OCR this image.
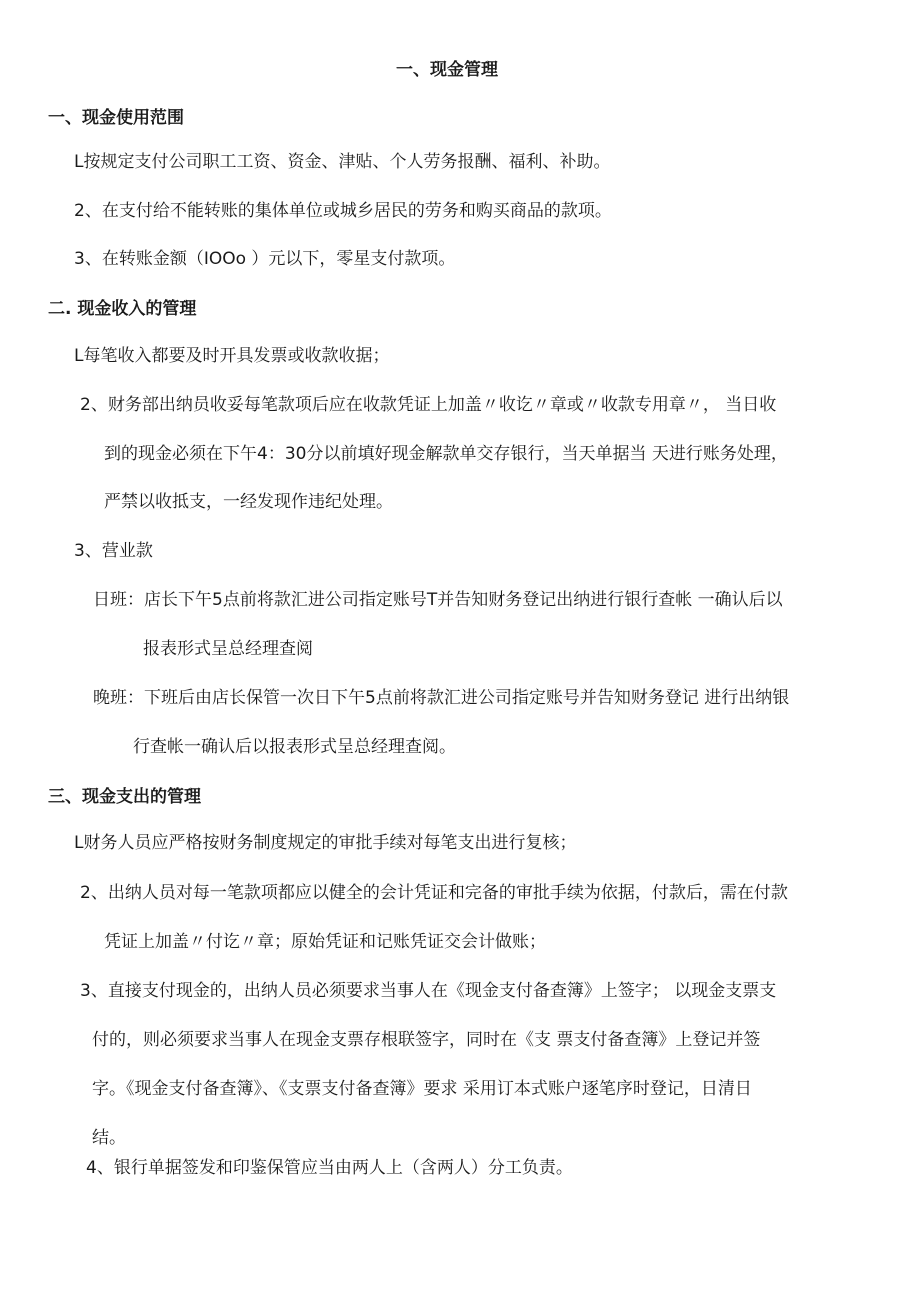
一、现金管理
一、现金使用范围
L按规定支付公司职工工资、资金、津贴、个人劳务报酬、福利、补助。
2、在支付给不能转账的集体单位或城乡居民的劳务和购买商品的款项。
3、在转账金额（IOOo ）元以下，零星支付款项。
二. 现金收入的管理
L每笔收入都要及时开具发票或收款收据；
2、财务部出纳员收妥每笔款项后应在收款凭证上加盖〃收讫〃章或〃收款专用章〃， 当日收
到的现金必须在下午4：30分以前填好现金解款单交存银行，当天单据当 天进行账务处理，
严禁以收抵支，一经发现作违纪处理。
3、营业款
日班：店长下午5点前将款汇进公司指定账号T并告知财务登记出纳进行银行查帐 一确认后以
报表形式呈总经理查阅
晚班：下班后由店长保管一次日下午5点前将款汇进公司指定账号并告知财务登记 进行出纳银
行查帐一确认后以报表形式呈总经理查阅。
三、现金支出的管理
L财务人员应严格按财务制度规定的审批手续对每笔支出进行复核；
2、出纳人员对每一笔款项都应以健全的会计凭证和完备的审批手续为依据，付款后，需在付款
凭证上加盖〃付讫〃章；原始凭证和记账凭证交会计做账；
3、直接支付现金的，出纳人员必须要求当事人在《现金支付备查簿》上签字； 以现金支票支
付的，则必须要求当事人在现金支票存根联签字，同时在《支 票支付备查簿》上登记并签
字。《现金支付备查簿》、《支票支付备查簿》要求 采用订本式账户逐笔序时登记，日清日
结。
4、银行单据签发和印鉴保管应当由两人上（含两人）分工负责。
